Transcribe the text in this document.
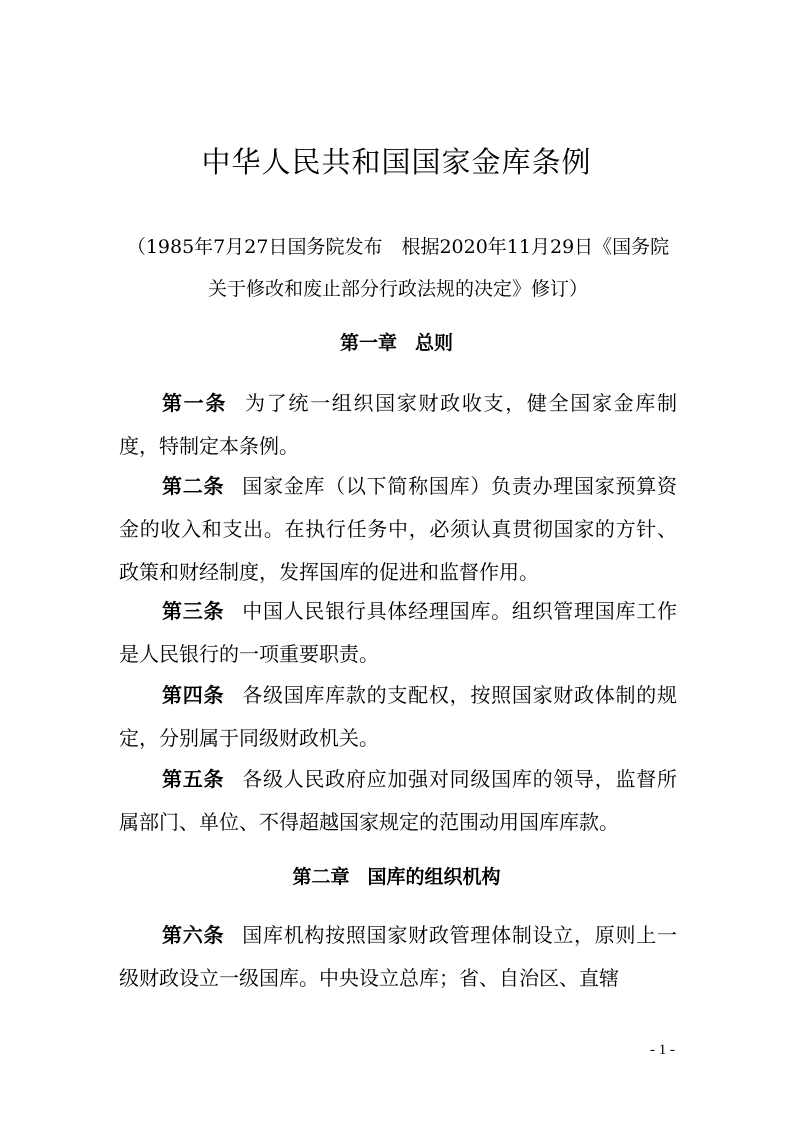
中华人民共和国国家金库条例
（1985年7月27日国务院发布　根据2020年11月29日《国务院关于修改和废止部分行政法规的决定》修订）
第一章 总则
第一条 为了统一组织国家财政收支，健全国家金库制度，特制定本条例。
第二条 国家金库（以下简称国库）负责办理国家预算资金的收入和支出。在执行任务中，必须认真贯彻国家的方针、政策和财经制度，发挥国库的促进和监督作用。
第三条 中国人民银行具体经理国库。组织管理国库工作是人民银行的一项重要职责。
第四条 各级国库库款的支配权，按照国家财政体制的规定，分别属于同级财政机关。
第五条 各级人民政府应加强对同级国库的领导，监督所属部门、单位、不得超越国家规定的范围动用国库库款。
第二章 国库的组织机构
第六条 国库机构按照国家财政管理体制设立，原则上一级财政设立一级国库。中央设立总库；省、自治区、直辖
- 1 -
